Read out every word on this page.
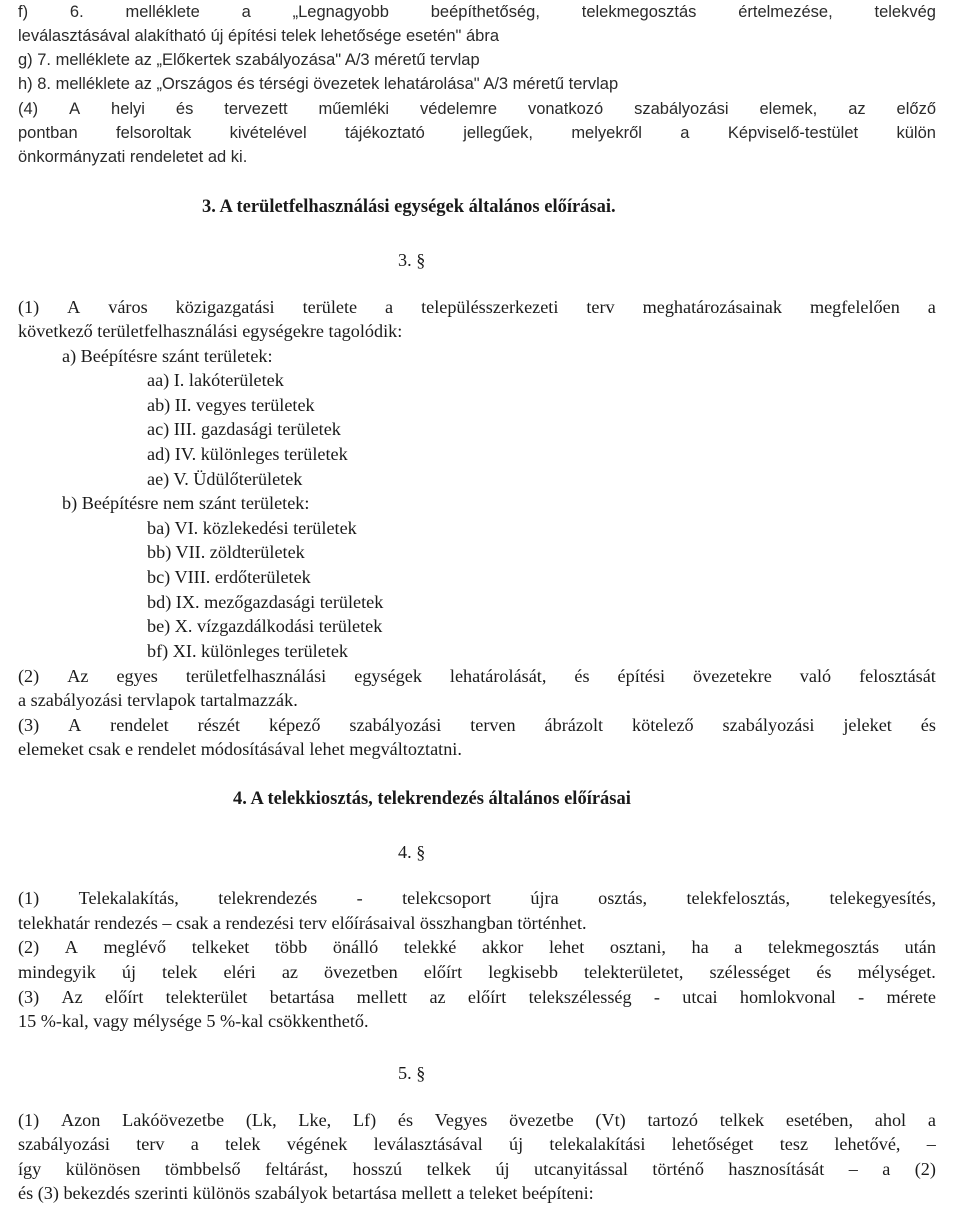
f)	6.	melléklete	a	„Legnagyobb	beépíthetőség,	telekmegosztás	értelmezése,	telekvég
leválasztásával alakítható új építési telek lehetősége esetén" ábra
g) 7. melléklete az „Előkertek szabályozása" A/3 méretű tervlap
h) 8. melléklete az „Országos és térségi övezetek lehatárolása" A/3 méretű tervlap
(4) A helyi és tervezett műemléki védelemre vonatkozó szabályozási elemek, az előző
pontban felsoroltak kivételével tájékoztató jellegűek, melyekről a Képviselő-testület külön
önkormányzati rendeletet ad ki.
3. A területfelhasználási egységek általános előírásai.
3. §
(1) A város közigazgatási területe a településszerkezeti terv meghatározásainak megfelelően a
következő területfelhasználási egységekre tagolódik:
a) Beépítésre szánt területek:
aa) I. lakóterületek
ab) II. vegyes területek
ac) III. gazdasági területek
ad) IV. különleges területek
ae) V. Üdülőterületek
b) Beépítésre nem szánt területek:
ba) VI. közlekedési területek
bb) VII. zöldterületek
bc) VIII. erdőterületek
bd) IX. mezőgazdasági területek
be) X. vízgazdálkodási területek
bf) XI. különleges területek
(2) Az egyes területfelhasználási egységek lehatárolását, és építési övezetekre való felosztását
a szabályozási tervlapok tartalmazzák.
(3) A rendelet részét képező szabályozási terven ábrázolt kötelező szabályozási jeleket és
elemeket csak e rendelet módosításával lehet megváltoztatni.
4. A telekkiosztás, telekrendezés általános előírásai
4. §
(1) Telekalakítás, telekrendezés - telekcsoport újra osztás, telekfelosztás, telekegyesítés,
telekhatár rendezés – csak a rendezési terv előírásaival összhangban történhet.
(2) A meglévő telkeket több önálló telekké akkor lehet osztani, ha a telekmegosztás után
mindegyik új telek eléri az övezetben előírt legkisebb telekterületet, szélességet és mélységet.
(3) Az előírt telekterület betartása mellett az előírt telekszélesség - utcai homlokvonal - mérete
15 %-kal, vagy mélysége 5 %-kal csökkenthető.
5. §
(1) Azon Lakóövezetbe (Lk, Lke, Lf) és Vegyes övezetbe (Vt) tartozó telkek esetében, ahol a
szabályozási terv a telek végének leválasztásával új telekalakítási lehetőséget tesz lehetővé, –
így különösen tömbbelső feltárást, hosszú telkek új utcanyitással történő hasznosítását – a (2)
és (3) bekezdés szerinti különös szabályok betartása mellett a teleket beépíteni:
